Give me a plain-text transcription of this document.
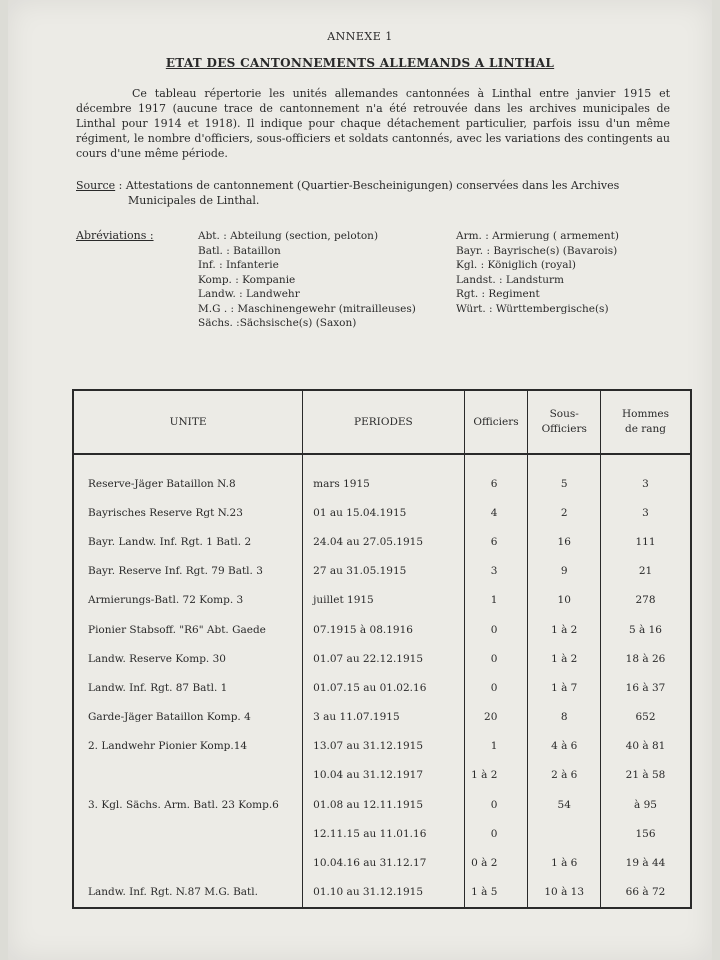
ANNEXE 1
ETAT DES CANTONNEMENTS ALLEMANDS A LINTHAL
Ce tableau répertorie les unités allemandes cantonnées à Linthal entre janvier 1915 et décembre 1917 (aucune trace de cantonnement n'a été retrouvée dans les archives municipales de Linthal pour 1914 et 1918). Il indique pour chaque détachement particulier, parfois issu d'un même régiment, le nombre d'officiers, sous-officiers et soldats cantonnés, avec les variations des contingents au cours d'une même période.
Source : Attestations de cantonnement (Quartier-Bescheinigungen) conservées dans les Archives
Municipales de Linthal.
Abréviations :	Abt. : Abteilung (section, peloton)
Batl. : Bataillon
Inf. : Infanterie
Komp. : Kompanie
Landw. : Landwehr
M.G . : Maschinengewehr (mitrailleuses)
Sächs. :Sächsische(s) (Saxon)
Arm. : Armierung ( armement)
Bayr. : Bayrische(s) (Bavarois)
Kgl. : Königlich (royal)
Landst. : Landsturm
Rgt. : Regiment
Würt. : Württembergische(s)
UNITE	PERIODES	Officiers	Sous-
Officiers	Hommes
de rang
Reserve-Jäger Bataillon N.8	mars 1915	6	5	3
Bayrisches Reserve Rgt N.23	01 au 15.04.1915	4	2	3
Bayr. Landw. Inf. Rgt. 1 Batl. 2	24.04 au 27.05.1915	6	16	111
Bayr. Reserve Inf. Rgt. 79 Batl. 3	27 au 31.05.1915	3	9	21
Armierungs-Batl. 72 Komp. 3	juillet 1915	1	10	278
Pionier Stabsoff. "R6" Abt. Gaede	07.1915 à 08.1916	0	1 à 2	5 à 16
Landw. Reserve Komp. 30	01.07 au 22.12.1915	0	1 à 2	18 à 26
Landw. Inf. Rgt. 87 Batl. 1	01.07.15 au 01.02.16	0	1 à 7	16 à 37
Garde-Jäger Bataillon Komp. 4	3 au 11.07.1915	20	8	652
2. Landwehr Pionier Komp.14	13.07 au 31.12.1915	1	4 à 6	40 à 81
	10.04 au 31.12.1917	1 à 2	2 à 6	21 à 58
3. Kgl. Sächs. Arm. Batl. 23 Komp.6	01.08 au 12.11.1915	0	54	à 95
	12.11.15 au 11.01.16	0		156
	10.04.16 au 31.12.17	0 à 2	1 à 6	19 à 44
Landw. Inf. Rgt. N.87 M.G. Batl.	01.10 au 31.12.1915	1 à 5	10 à 13	66 à 72
